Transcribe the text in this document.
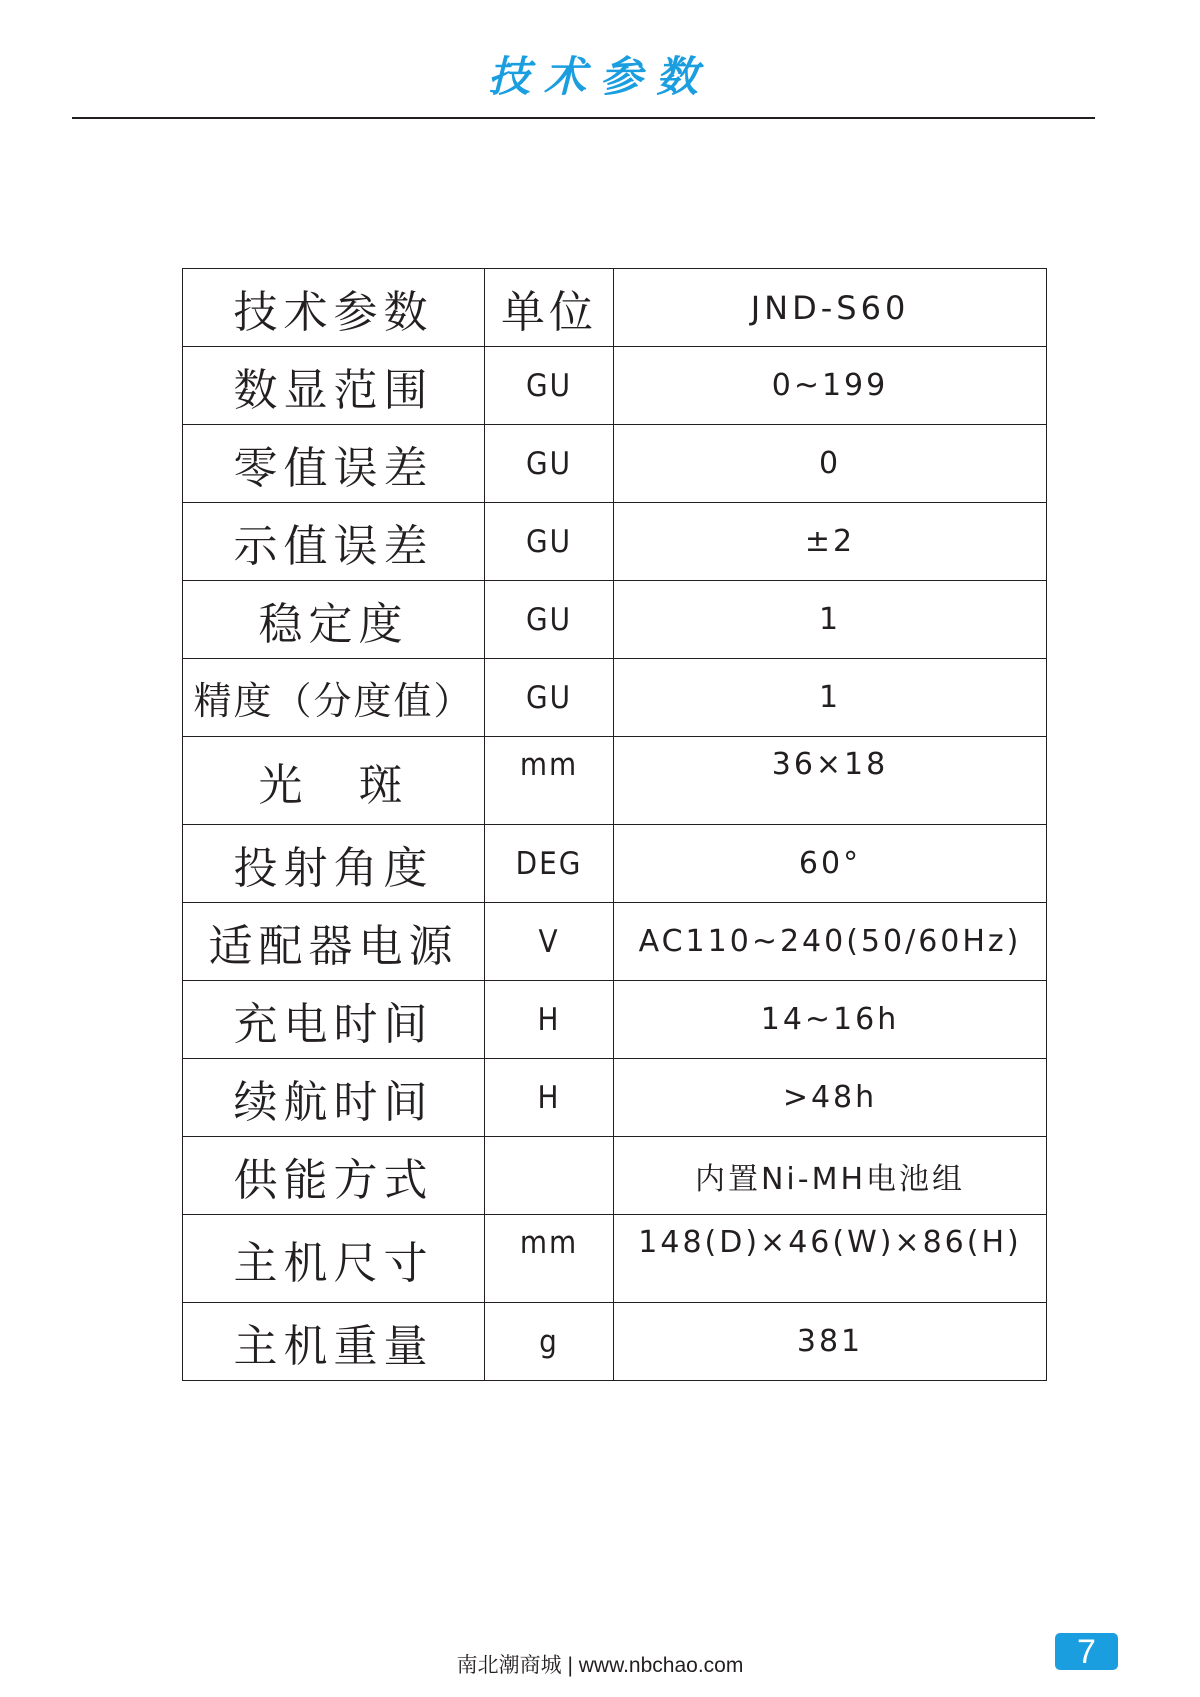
技术参数
技术参数	单位	JND-S60
数显范围	GU	0~199
零值误差	GU	0
示值误差	GU	±2
稳定度	GU	1
精度（分度值）	GU	1
光　斑	mm	36×18
投射角度	DEG	60°
适配器电源	V	AC110~240(50/60Hz)
充电时间	H	14~16h
续航时间	H	>48h
供能方式		内置Ni-MH电池组
主机尺寸	mm	148(D)×46(W)×86(H)
主机重量	g	381
南北潮商城 | www.nbchao.com	7
